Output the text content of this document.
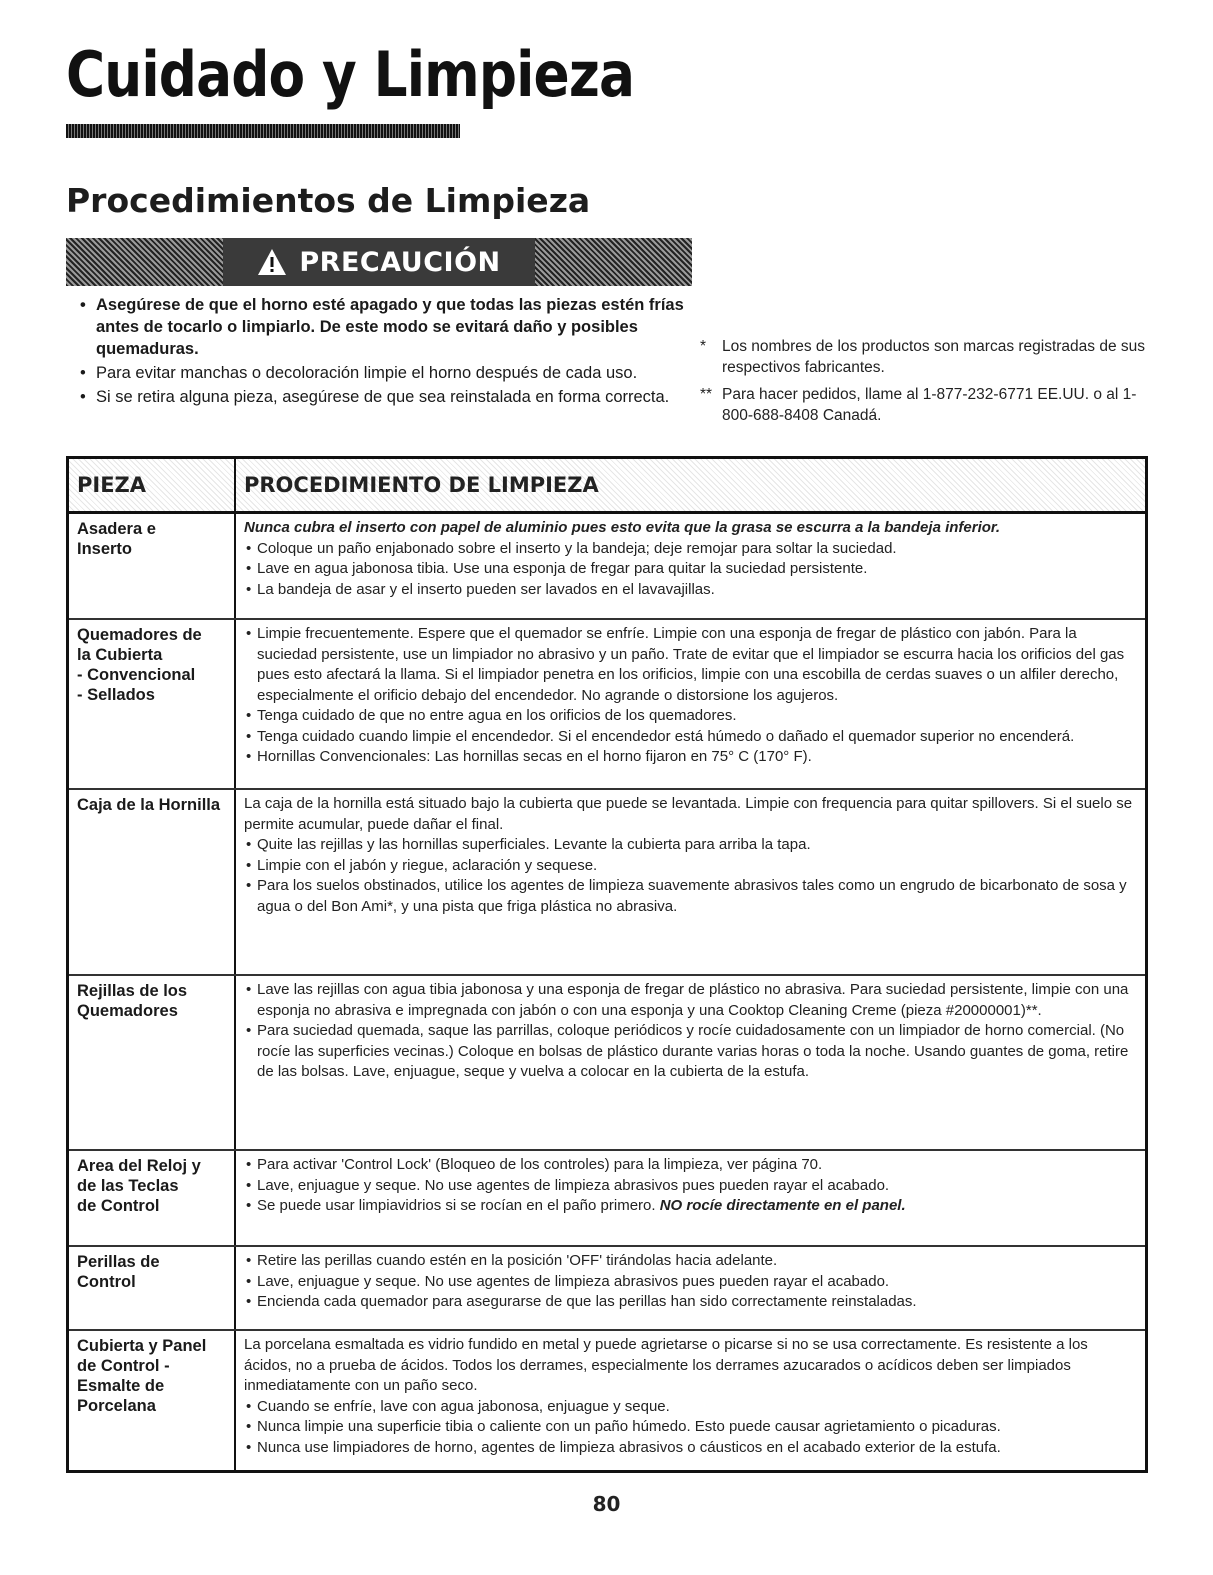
Cuidado y Limpieza
Procedimientos de Limpieza
PRECAUCIÓN
• Asegúrese de que el horno esté apagado y que todas las piezas estén frías antes de tocarlo o limpiarlo. De este modo se evitará daño y posibles quemaduras.
• Para evitar manchas o decoloración limpie el horno después de cada uso.
• Si se retira alguna pieza, asegúrese de que sea reinstalada en forma correcta.
* Los nombres de los productos son marcas registradas de sus respectivos fabricantes.
** Para hacer pedidos, llame al 1-877-232-6771 EE.UU. o al 1-800-688-8408 Canadá.
PIEZA	PROCEDIMIENTO DE LIMPIEZA
Asadera e
Inserto

Nunca cubra el inserto con papel de aluminio pues esto evita que la grasa se escurra a la bandeja inferior.

• Coloque un paño enjabonado sobre el inserto y la bandeja; deje remojar para soltar la suciedad.
• Lave en agua jabonosa tibia. Use una esponja de fregar para quitar la suciedad persistente.
• La bandeja de asar y el inserto pueden ser lavados en el lavavajillas.
Quemadores de
la Cubierta
- Convencional
- Sellados
• Limpie frecuentemente. Espere que el quemador se enfríe. Limpie con una esponja de fregar de plástico con jabón. Para la suciedad persistente, use un limpiador no abrasivo y un paño. Trate de evitar que el limpiador se escurra hacia los orificios del gas pues esto afectará la llama. Si el limpiador penetra en los orificios, limpie con una escobilla de cerdas suaves o un alfiler derecho, especialmente el orificio debajo del encendedor. No agrande o distorsione los agujeros.
• Tenga cuidado de que no entre agua en los orificios de los quemadores.
• Tenga cuidado cuando limpie el encendedor. Si el encendedor está húmedo o dañado el quemador superior no encenderá.
• Hornillas Convencionales: Las hornillas secas en el horno fijaron en 75° C (170° F).
Caja de la Hornilla	La caja de la hornilla está situado bajo la cubierta que puede se levantada. Limpie con frequencia para quitar spillovers. Si el suelo se permite acumular, puede dañar el final.

• Quite las rejillas y las hornillas superficiales. Levante la cubierta para arriba la tapa.
• Limpie con el jabón y riegue, aclaración y sequese.
• Para los suelos obstinados, utilice los agentes de limpieza suavemente abrasivos tales como un engrudo de bicarbonato de sosa y agua o del Bon Ami*, y una pista que friga plástica no abrasiva.
Rejillas de los
Quemadores
• Lave las rejillas con agua tibia jabonosa y una esponja de fregar de plástico no abrasiva. Para suciedad persistente, limpie con una esponja no abrasiva e impregnada con jabón o con una esponja y una Cooktop Cleaning Creme (pieza #20000001)**.
• Para suciedad quemada, saque las parrillas, coloque periódicos y rocíe cuidadosamente con un limpiador de horno comercial. (No rocíe las superficies vecinas.) Coloque en bolsas de plástico durante varias horas o toda la noche. Usando guantes de goma, retire de las bolsas. Lave, enjuague, seque y vuelva a colocar en la cubierta de la estufa.
Area del Reloj y
de las Teclas
de Control
• Para activar 'Control Lock' (Bloqueo de los controles) para la limpieza, ver página 70.
• Lave, enjuague y seque. No use agentes de limpieza abrasivos pues pueden rayar el acabado.
• Se puede usar limpiavidrios si se rocían en el paño primero. NO rocíe directamente en el panel.
Perillas de
Control
• Retire las perillas cuando estén en la posición 'OFF' tirándolas hacia adelante.
• Lave, enjuague y seque. No use agentes de limpieza abrasivos pues pueden rayar el acabado.
• Encienda cada quemador para asegurarse de que las perillas han sido correctamente reinstaladas.
Cubierta y Panel
de Control -
Esmalte de
Porcelana

La porcelana esmaltada es vidrio fundido en metal y puede agrietarse o picarse si no se usa correctamente. Es resistente a los ácidos, no a prueba de ácidos. Todos los derrames, especialmente los derrames azucarados o acídicos deben ser limpiados inmediatamente con un paño seco.

• Cuando se enfríe, lave con agua jabonosa, enjuague y seque.
• Nunca limpie una superficie tibia o caliente con un paño húmedo. Esto puede causar agrietamiento o picaduras.
• Nunca use limpiadores de horno, agentes de limpieza abrasivos o cáusticos en el acabado exterior de la estufa.
80
